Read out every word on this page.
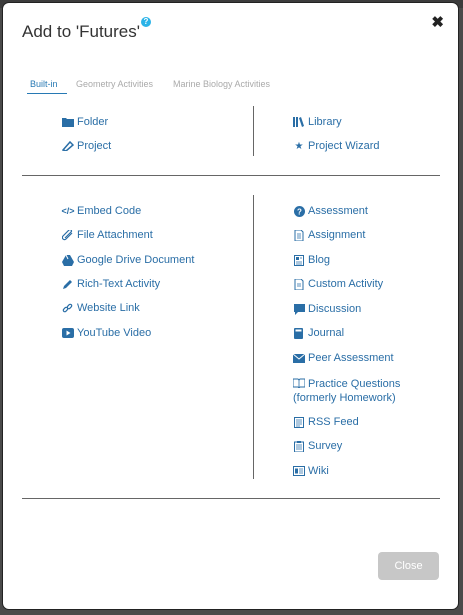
Add to 'Futures'
?	✖
Built-in Geometry Activities Marine Biology Activities
Folder
Project
Library
★ Project Wizard
</> Embed Code
File Attachment
Google Drive Document
Rich-Text Activity
Website Link
YouTube Video
? Assessment
Assignment
Blog
Custom Activity
Discussion
Journal
Peer Assessment
Practice Questions (formerly Homework)
RSS Feed
Survey
Wiki
Close
